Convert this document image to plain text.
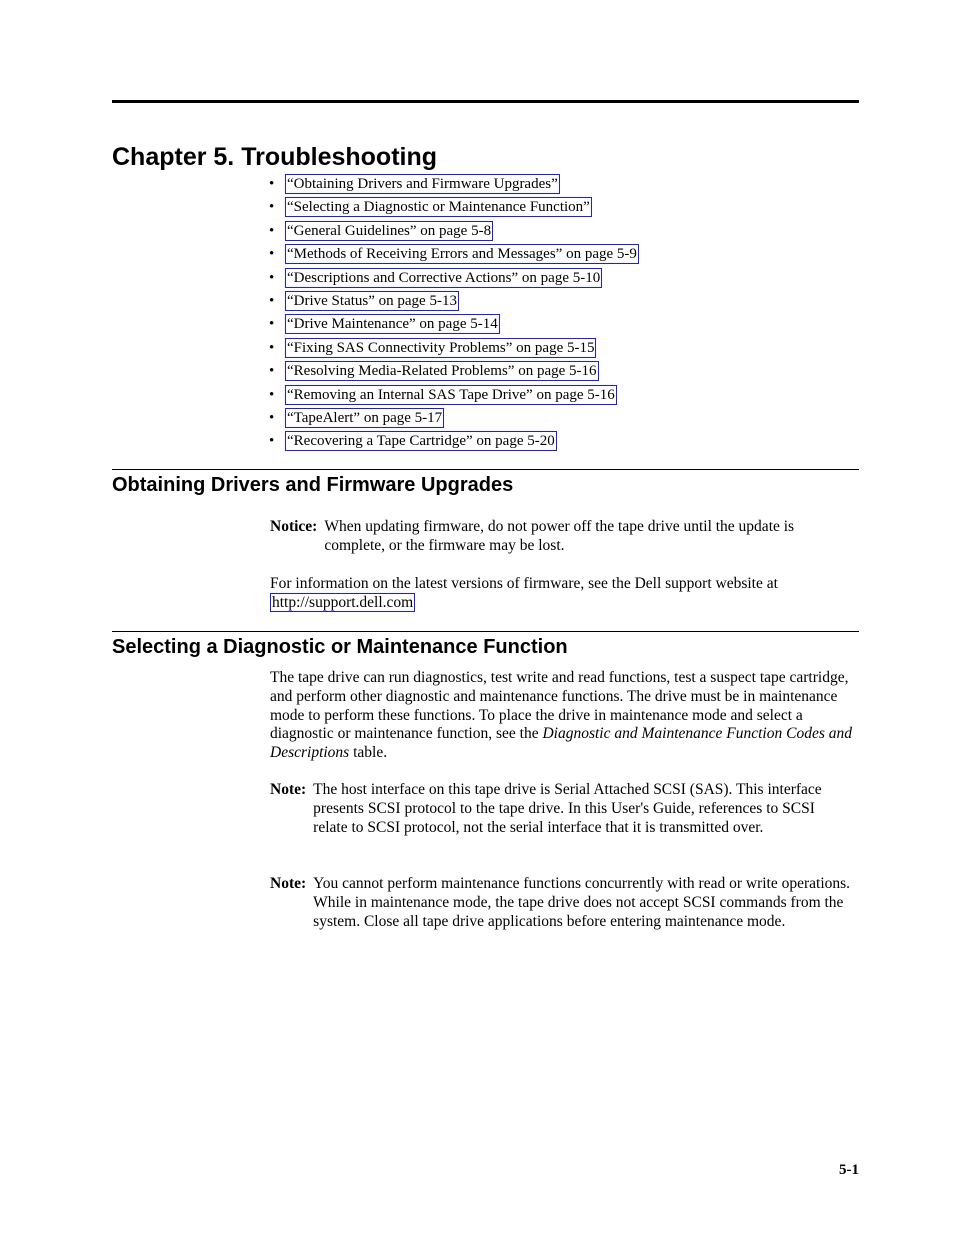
Chapter 5. Troubleshooting
• “Obtaining Drivers and Firmware Upgrades”
• “Selecting a Diagnostic or Maintenance Function”
• “General Guidelines” on page 5-8
• “Methods of Receiving Errors and Messages” on page 5-9
• “Descriptions and Corrective Actions” on page 5-10
• “Drive Status” on page 5-13
• “Drive Maintenance” on page 5-14
• “Fixing SAS Connectivity Problems” on page 5-15
• “Resolving Media-Related Problems” on page 5-16
• “Removing an Internal SAS Tape Drive” on page 5-16
• “TapeAlert” on page 5-17
• “Recovering a Tape Cartridge” on page 5-20
Obtaining Drivers and Firmware Upgrades
Notice: When updating firmware, do not power off the tape drive until the update is complete, or the firmware may be lost.

For information on the latest versions of firmware, see the Dell support website at http://support.dell.com

Selecting a Diagnostic or Maintenance Function

The tape drive can run diagnostics, test write and read functions, test a suspect tape cartridge, and perform other diagnostic and maintenance functions. The drive must be in maintenance mode to perform these functions. To place the drive in maintenance mode and select a diagnostic or maintenance function, see the Diagnostic and Maintenance Function Codes and Descriptions table.

Note: The host interface on this tape drive is Serial Attached SCSI (SAS). This interface presents SCSI protocol to the tape drive. In this User's Guide, references to SCSI relate to SCSI protocol, not the serial interface that it is transmitted over.
Note: You cannot perform maintenance functions concurrently with read or write operations. While in maintenance mode, the tape drive does not accept SCSI commands from the system. Close all tape drive applications before entering maintenance mode.
5-1
